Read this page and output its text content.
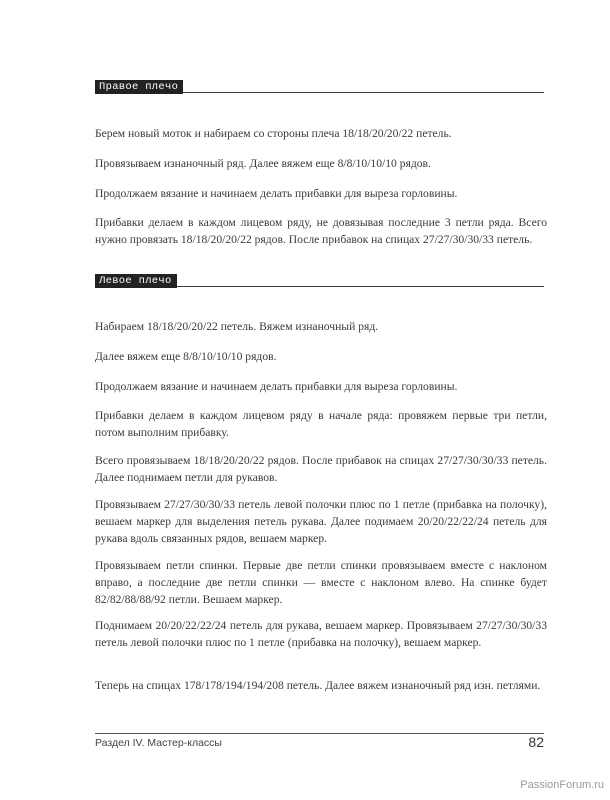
Правое плечо

Берем новый моток и набираем со стороны плеча 18/18/20/20/22 петель.

Провязываем изнаночный ряд. Далее вяжем еще 8/8/10/10/10 рядов.

Продолжаем вязание и начинаем делать прибавки для выреза горловины.

Прибавки делаем в каждом лицевом ряду, не довязывая последние 3 петли ряда. Всего нужно провязать 18/18/20/20/22 рядов. После прибавок на спицах 27/27/30/30/33 петель.

Левое плечо

Набираем 18/18/20/20/22 петель. Вяжем изнаночный ряд.

Далее вяжем еще 8/8/10/10/10 рядов.

Продолжаем вязание и начинаем делать прибавки для выреза горловины.

Прибавки делаем в каждом лицевом ряду в начале ряда: провяжем первые три петли, потом выполним прибавку.

Всего провязываем 18/18/20/20/22 рядов. После прибавок на спицах 27/27/30/30/33 петель. Далее поднимаем петли для рукавов.

Провязываем 27/27/30/30/33 петель левой полочки плюс по 1 петле (прибавка на полочку), вешаем маркер для выделения петель рукава. Далее подимаем 20/20/22/22/24 петель для рукава вдоль связанных рядов, вешаем маркер.

Провязываем петли спинки. Первые две петли спинки провязываем вместе с наклоном вправо, а последние две петли спинки — вместе с наклоном влево. На спинке будет 82/82/88/88/92 петли. Вешаем маркер.

Поднимаем 20/20/22/22/24 петель для рукава, вешаем маркер. Провязываем 27/27/30/30/33 петель левой полочки плюс по 1 петле (прибавка на полочку), вешаем маркер.

Теперь на спицах 178/178/194/194/208 петель. Далее вяжем изнаночный ряд изн. петлями.

Раздел IV. Мастер-классы	82
PassionForum.ru
